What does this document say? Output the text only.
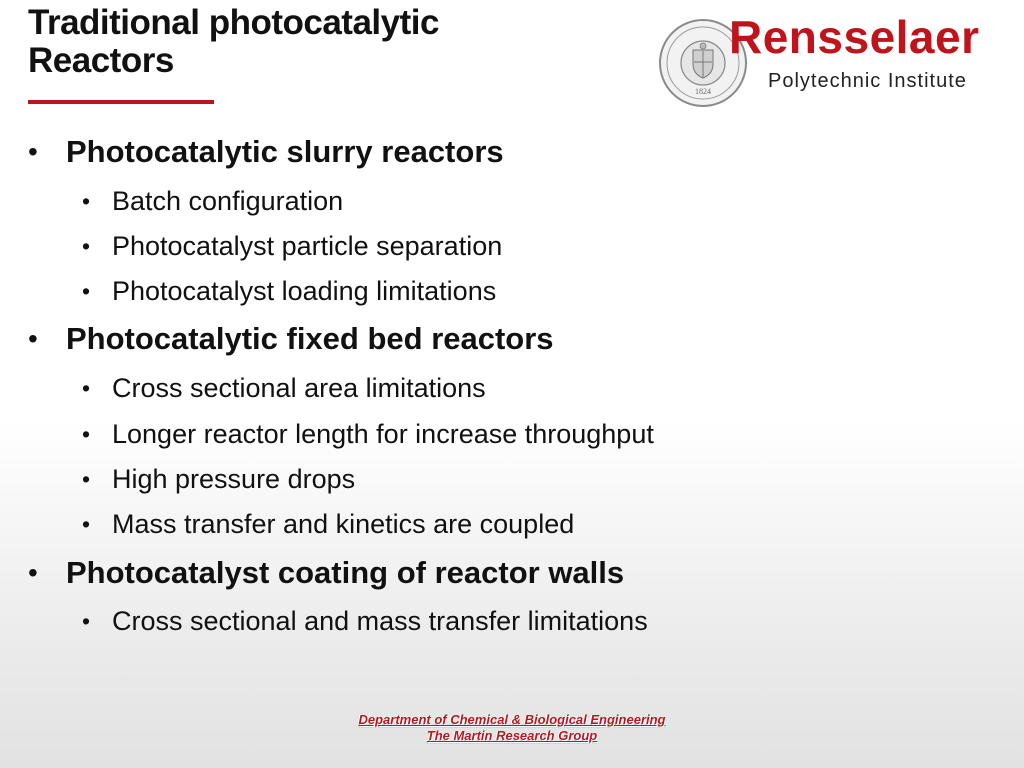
Traditional photocatalytic
Reactors
1824
Rensselaer
Polytechnic Institute
• Photocatalytic slurry reactors
• Batch configuration
• Photocatalyst particle separation
• Photocatalyst loading limitations
• Photocatalytic fixed bed reactors
• Cross sectional area limitations
• Longer reactor length for increase throughput
• High pressure drops
• Mass transfer and kinetics are coupled
• Photocatalyst coating of reactor walls
• Cross sectional and mass transfer limitations
Department of Chemical & Biological Engineering
The Martin Research Group
